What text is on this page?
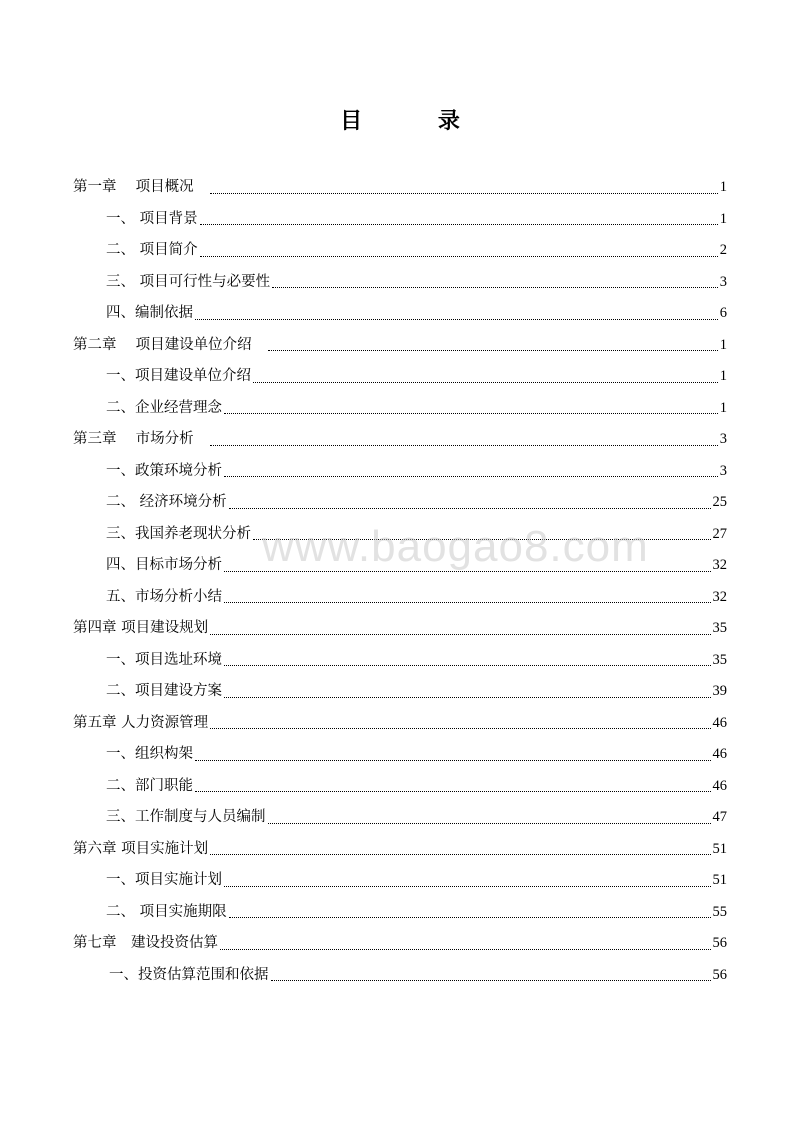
目 录
第一章　 项目概况　	1
一、 项目背景	1
二、 项目简介	2
三、 项目可行性与必要性	3
四、编制依据	6
第二章　 项目建设单位介绍　	1
一、项目建设单位介绍	1
二、企业经营理念	1
第三章　 市场分析　	3
一、政策环境分析	3
二、 经济环境分析	25
三、我国养老现状分析	27
四、目标市场分析	32
五、市场分析小结	32
第四章 项目建设规划	35
一、项目选址环境	35
二、项目建设方案	39
第五章 人力资源管理	46
一、组织构架	46
二、部门职能	46
三、工作制度与人员编制	47
第六章 项目实施计划	51
一、项目实施计划	51
二、 项目实施期限	55
第七章　建设投资估算	56
一、投资估算范围和依据	56
www.baogao8.com
